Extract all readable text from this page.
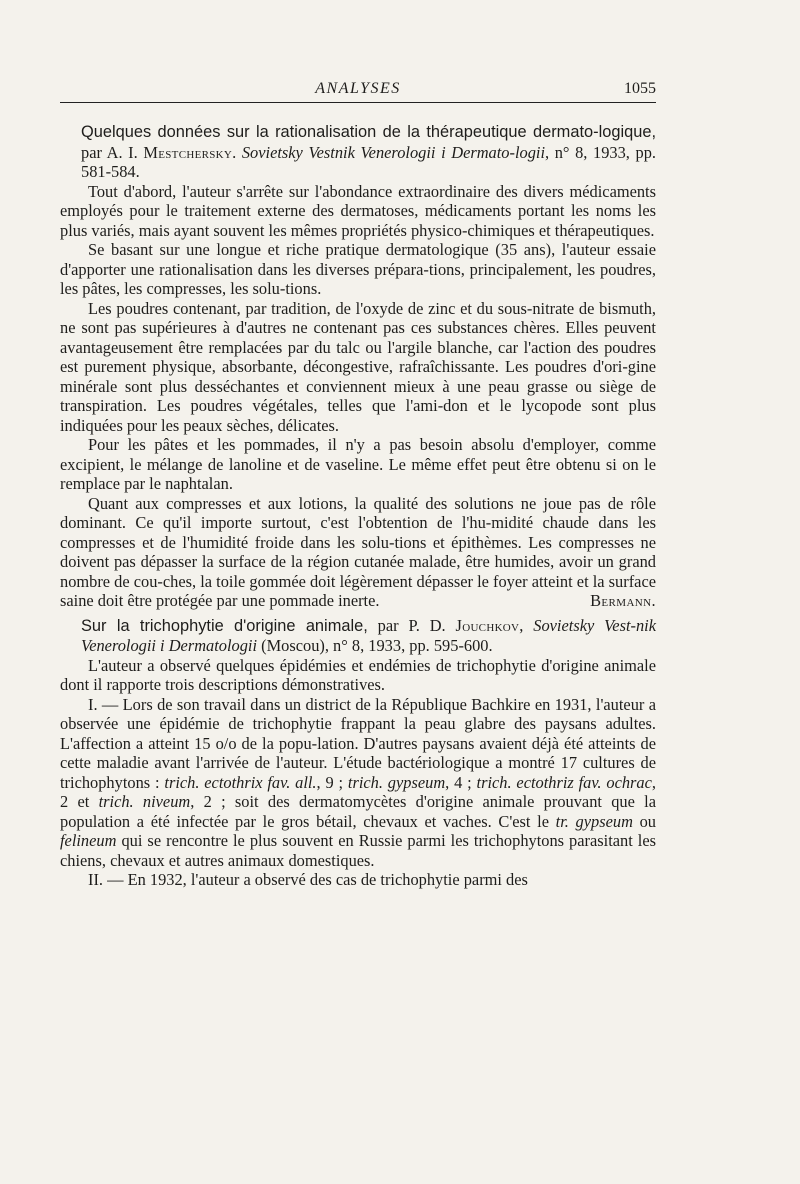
ANALYSES	1055

Quelques données sur la rationalisation de la thérapeutique dermato-logique, par A. I. Mestchersky. Sovietsky Vestnik Venerologii i Dermato-logii, n° 8, 1933, pp. 581-584.

Tout d'abord, l'auteur s'arrête sur l'abondance extraordinaire des divers médicaments employés pour le traitement externe des dermatoses, médicaments portant les noms les plus variés, mais ayant souvent les mêmes propriétés physico-chimiques et thérapeutiques.

Se basant sur une longue et riche pratique dermatologique (35 ans), l'auteur essaie d'apporter une rationalisation dans les diverses prépara-tions, principalement, les poudres, les pâtes, les compresses, les solu-tions.

Les poudres contenant, par tradition, de l'oxyde de zinc et du sous-nitrate de bismuth, ne sont pas supérieures à d'autres ne contenant pas ces substances chères. Elles peuvent avantageusement être remplacées par du talc ou l'argile blanche, car l'action des poudres est purement physique, absorbante, décongestive, rafraîchissante. Les poudres d'ori-gine minérale sont plus desséchantes et conviennent mieux à une peau grasse ou siège de transpiration. Les poudres végétales, telles que l'ami-don et le lycopode sont plus indiquées pour les peaux sèches, délicates.

Pour les pâtes et les pommades, il n'y a pas besoin absolu d'employer, comme excipient, le mélange de lanoline et de vaseline. Le même effet peut être obtenu si on le remplace par le naphtalan.

Quant aux compresses et aux lotions, la qualité des solutions ne joue pas de rôle dominant. Ce qu'il importe surtout, c'est l'obtention de l'hu-midité chaude dans les compresses et de l'humidité froide dans les solu-tions et épithèmes. Les compresses ne doivent pas dépasser la surface de la région cutanée malade, être humides, avoir un grand nombre de cou-ches, la toile gommée doit légèrement dépasser le foyer atteint et la surface saine doit être protégée par une pommade inerte.	Bermann.

Sur la trichophytie d'origine animale, par P. D. Jouchkov, Sovietsky Vest-nik Venerologii i Dermatologii (Moscou), n° 8, 1933, pp. 595-600.

L'auteur a observé quelques épidémies et endémies de trichophytie d'origine animale dont il rapporte trois descriptions démonstratives.

I. — Lors de son travail dans un district de la République Bachkire en 1931, l'auteur a observée une épidémie de trichophytie frappant la peau glabre des paysans adultes. L'affection a atteint 15 o/o de la popu-lation. D'autres paysans avaient déjà été atteints de cette maladie avant l'arrivée de l'auteur. L'étude bactériologique a montré 17 cultures de trichophytons : trich. ectothrix fav. all., 9 ; trich. gypseum, 4 ; trich. ectothriz fav. ochrac, 2 et trich. niveum, 2 ; soit des dermatomycètes d'origine animale prouvant que la population a été infectée par le gros bétail, chevaux et vaches. C'est le tr. gypseum ou felineum qui se rencontre le plus souvent en Russie parmi les trichophytons parasitant les chiens, chevaux et autres animaux domestiques.

II. — En 1932, l'auteur a observé des cas de trichophytie parmi des
